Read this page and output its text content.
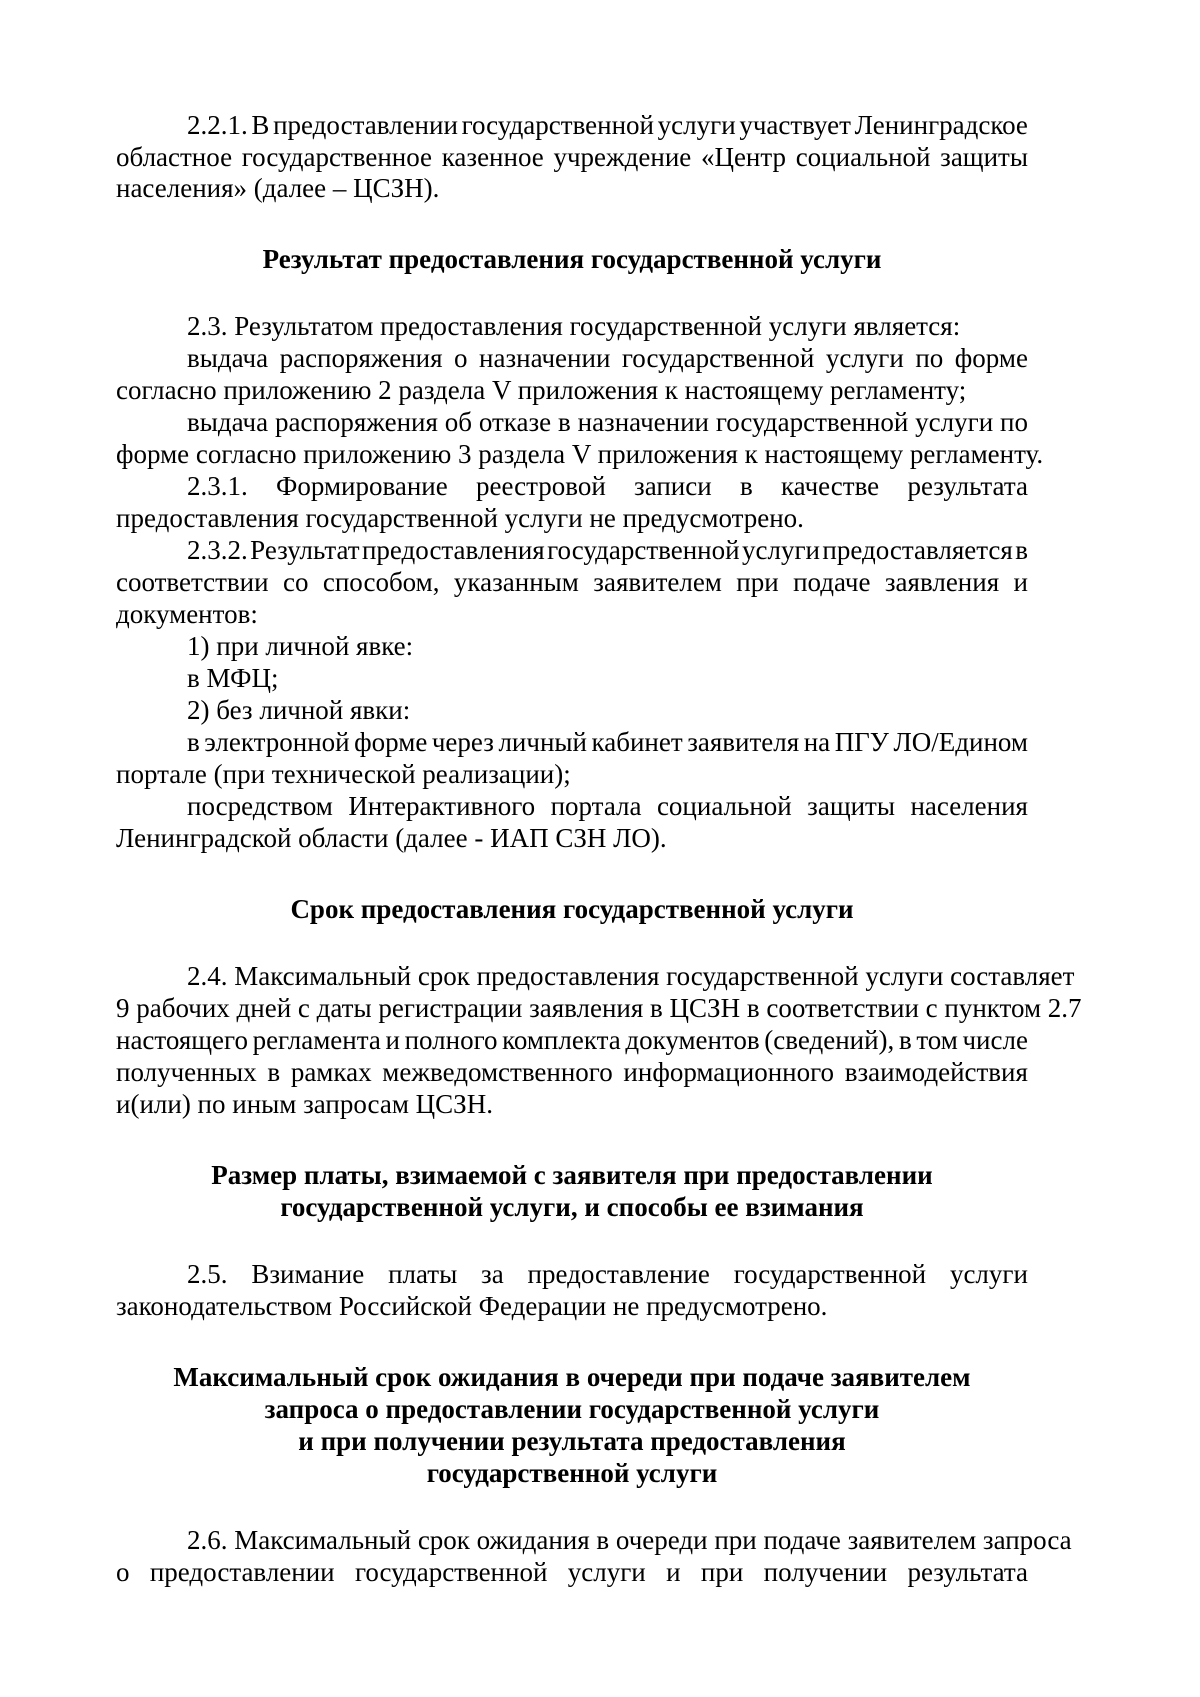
2.2.1. В предоставлении государственной услуги участвует Ленинградское
областное государственное казенное учреждение «Центр социальной защиты
населения» (далее – ЦСЗН).
Результат предоставления государственной услуги
2.3. Результатом предоставления государственной услуги является:
выдача распоряжения о назначении государственной услуги по форме
согласно приложению 2 раздела V приложения к настоящему регламенту;
выдача распоряжения об отказе в назначении государственной услуги по
форме согласно приложению 3 раздела V приложения к настоящему регламенту.
2.3.1. Формирование реестровой записи в качестве результата
предоставления государственной услуги не предусмотрено.
2.3.2. Результат предоставления государственной услуги предоставляется в
соответствии со способом, указанным заявителем при подаче заявления и
документов:
1) при личной явке:
в МФЦ;
2) без личной явки:
в электронной форме через личный кабинет заявителя на ПГУ ЛО/Едином
портале (при технической реализации);
посредством Интерактивного портала социальной защиты населения
Ленинградской области (далее - ИАП СЗН ЛО).
Срок предоставления государственной услуги
2.4. Максимальный срок предоставления государственной услуги составляет
9 рабочих дней с даты регистрации заявления в ЦСЗН в соответствии с пунктом 2.7
настоящего регламента и полного комплекта документов (сведений), в том числе
полученных в рамках межведомственного информационного взаимодействия
и(или) по иным запросам ЦСЗН.
Размер платы, взимаемой с заявителя при предоставлении
государственной услуги, и способы ее взимания
2.5. Взимание платы за предоставление государственной услуги
законодательством Российской Федерации не предусмотрено.
Максимальный срок ожидания в очереди при подаче заявителем
запроса о предоставлении государственной услуги
и при получении результата предоставления
государственной услуги
2.6. Максимальный срок ожидания в очереди при подаче заявителем запроса
о предоставлении государственной услуги и при получении результата
